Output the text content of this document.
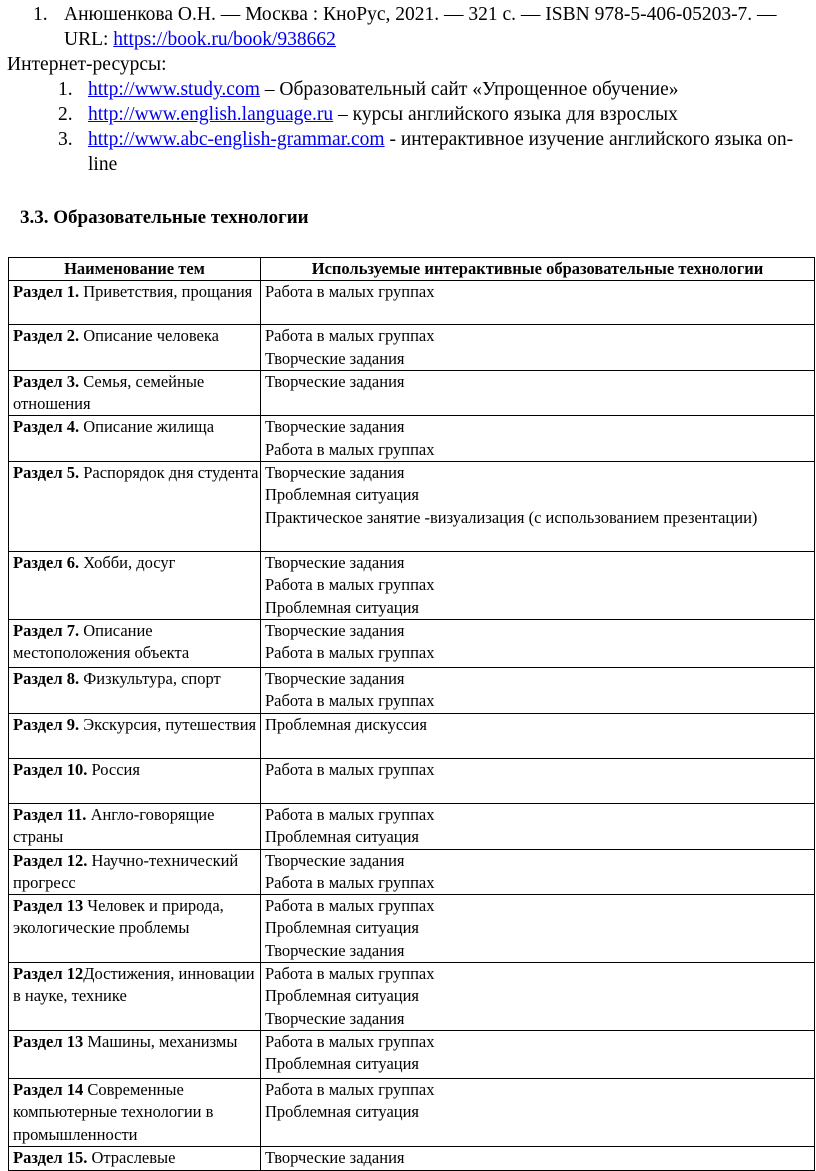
1. Анюшенкова О.Н. — Москва : КноРус, 2021. — 321 с. — ISBN 978-5-406-05203-7. — URL: https://book.ru/book/938662
Интернет-ресурсы:
1. http://www.study.com – Образовательный сайт «Упрощенное обучение»
2. http://www.english.language.ru – курсы английского языка для взрослых
3. http://www.abc-english-grammar.com - интерактивное изучение английского языка on-line
3.3. Образовательные технологии
Наименование тем	Используемые интерактивные образовательные технологии
Раздел 1. Приветствия, прощания	Работа в малых группах

Раздел 2. Описание человека	Работа в малых группах
Творческие задания

Раздел 3. Семья, семейные отношения	Творческие задания

Раздел 4. Описание жилища	Творческие задания
Работа в малых группах

Раздел 5. Распорядок дня студента	Творческие задания
Проблемная ситуация
Практическое занятие -визуализация (с использованием презентации)

Раздел 6. Хобби, досуг	Творческие задания
Работа в малых группах
Проблемная ситуация

Раздел 7. Описание местоположения объекта	Творческие задания
Работа в малых группах

Раздел 8. Физкультура, спорт	Творческие задания
Работа в малых группах

Раздел 9. Экскурсия, путешествия	Проблемная дискуссия

Раздел 10. Россия	Работа в малых группах

Раздел 11. Англо-говорящие страны	Работа в малых группах
Проблемная ситуация

Раздел 12. Научно-технический прогресс	Творческие задания
Работа в малых группах

Раздел 13 Человек и природа, экологические проблемы	Работа в малых группах
Проблемная ситуация
Творческие задания

Раздел 12Достижения, инновации в науке, технике	Работа в малых группах
Проблемная ситуация
Творческие задания

Раздел 13 Машины, механизмы	Работа в малых группах
Проблемная ситуация

Раздел 14 Современные компьютерные технологии в промышленности	Работа в малых группах
Проблемная ситуация

Раздел 15. Отраслевые	Творческие задания
